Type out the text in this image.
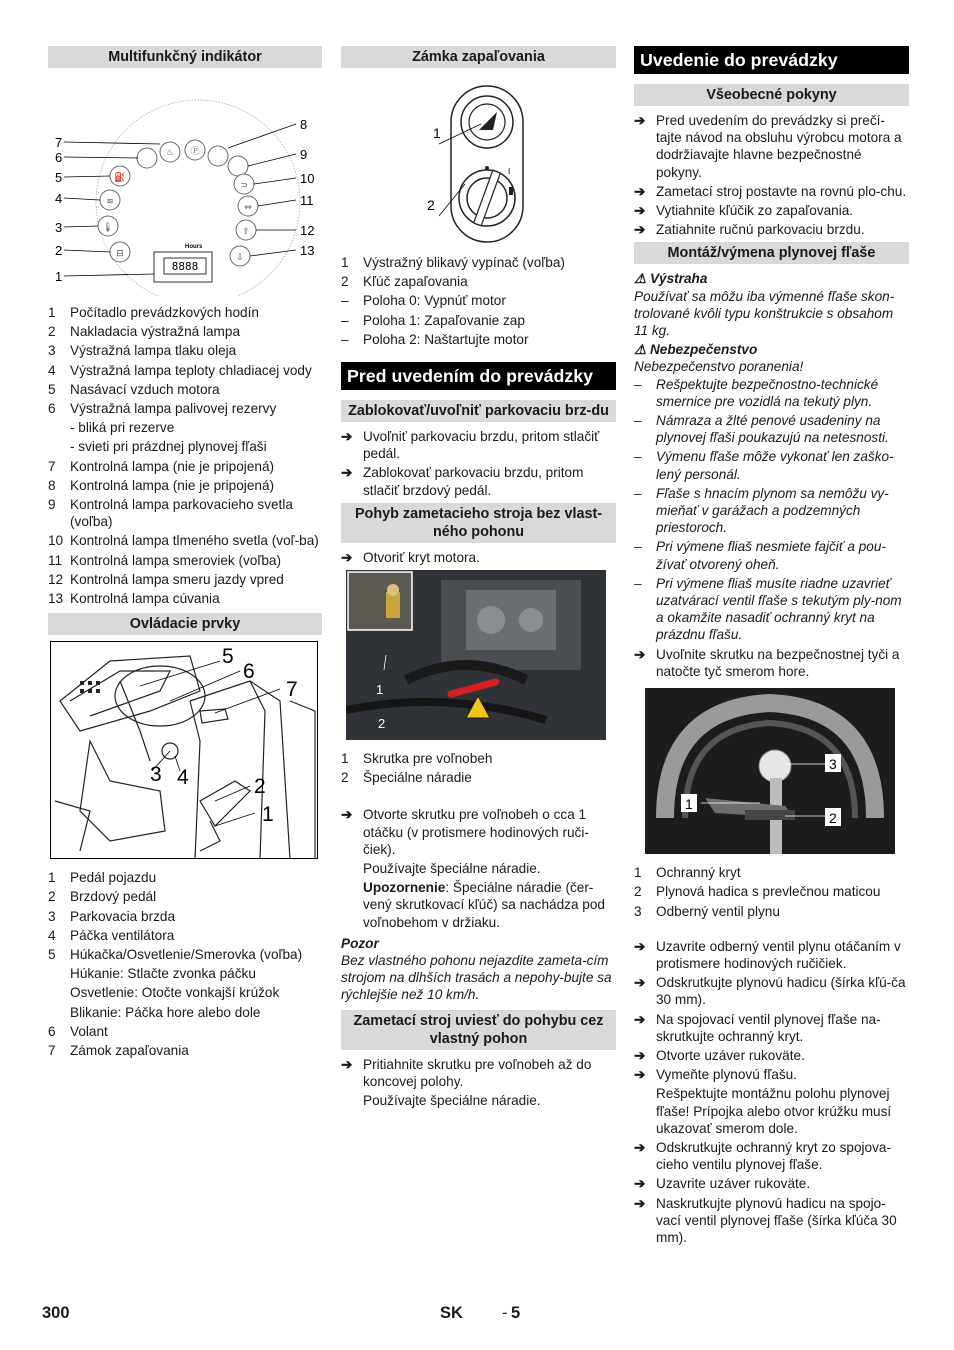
Multifunkčný indikátor
♨ Ⓟ
⛽
≋
🌡
⊟
⊃
⇔
⇧
⇩
Hours
8888
7
6
5
4
3
2
1
8
9
10
11
12
13
1	Počítadlo prevádzkových hodín
2	Nakladacia výstražná lampa
3	Výstražná lampa tlaku oleja
4	Výstražná lampa teploty chladiacej vody
5	Nasávací vzduch motora
6	Výstražná lampa palivovej rezervy
- bliká pri rezerve
- svieti pri prázdnej plynovej fľaši
7	Kontrolná lampa (nie je pripojená)
8	Kontrolná lampa (nie je pripojená)
9	Kontrolná lampa parkovacieho svetla (voľba)
10 Kontrolná lampa tlmeného svetla (voľ-ba)
11 Kontrolná lampa smeroviek (voľba)
12 Kontrolná lampa smeru jazdy vpred
13 Kontrolná lampa cúvania
Ovládacie prvky
5
6
7
3 4	2
1
1	Pedál pojazdu
2	Brzdový pedál
3	Parkovacia brzda
4	Páčka ventilátora
5	Húkačka/Osvetlenie/Smerovka (voľba)
Húkanie: Stlačte zvonka páčku
Osvetlenie: Otočte vonkajší krúžok
Blikanie: Páčka hore alebo dole
6	Volant
7	Zámok zapaľovania
Zámka zapaľovania
I
1
2
1	Výstražný blikavý vypínač (voľba)
2	Kľúč zapaľovania
–	Poloha 0: Vypnúť motor
–	Poloha 1: Zapaľovanie zap
–	Poloha 2: Naštartujte motor
Pred uvedením do prevádzky
Zablokovať/uvoľniť parkovaciu brz-du
➔ Uvoľniť parkovaciu brzdu, pritom stlačiť pedál.
➔ Zablokovať parkovaciu brzdu, pritom stlačiť brzdový pedál.
Pohyb zametacieho stroja bez vlast-ného pohonu
➔ Otvoriť kryt motora.
1
2
1	Skrutka pre voľnobeh
2	Špeciálne náradie
➔ Otvorte skrutku pre voľnobeh o cca 1 otáčku (v protismere hodinových ruči-čiek).
Používajte špeciálne náradie.
Upozornenie: Špeciálne náradie (čer-vený skrutkovací kľúč) sa nachádza pod voľnobehom v držiaku.
Pozor
Bez vlastného pohonu nejazdite zameta-cím strojom na dlhších trasách a nepohy-bujte sa rýchlejšie než 10 km/h.
Zametací stroj uviesť do pohybu cez vlastný pohon
➔ Pritiahnite skrutku pre voľnobeh až do koncovej polohy.
Používajte špeciálne náradie.
Uvedenie do prevádzky
Všeobecné pokyny
➔ Pred uvedením do prevádzky si prečí-tajte návod na obsluhu výrobcu motora a dodržiavajte hlavne bezpečnostné pokyny.
➔ Zametací stroj postavte na rovnú plo-chu.
➔ Vytiahnite kľúčik zo zapaľovania.
➔ Zatiahnite ručnú parkovaciu brzdu.
Montáž/výmena plynovej fľaše
⚠ Výstraha
Používať sa môžu iba výmenné fľaše skon-trolované kvôli typu konštrukcie s obsahom 11 kg.
⚠ Nebezpečenstvo
Nebezpečenstvo poranenia!
–	Rešpektujte bezpečnostno-technické smernice pre vozidlá na tekutý plyn.
–	Námraza a žlté penové usadeniny na plynovej fľaši poukazujú na netesnosti.
–	Výmenu fľaše môže vykonať len zaško-lený personál.
–	Fľaše s hnacím plynom sa nemôžu vy-mieňať v garážach a podzemných priestoroch.
–	Pri výmene fliaš nesmiete fajčiť a pou-žívať otvorený oheň.
–	Pri výmene fliaš musíte riadne uzavrieť uzatvárací ventil fľaše s tekutým ply-nom a okamžite nasadiť ochranný kryt na prázdnu fľašu.
➔ Uvoľnite skrutku na bezpečnostnej tyči a natočte tyč smerom hore.
3
1
2
1	Ochranný kryt
2	Plynová hadica s prevlečnou maticou
3	Odberný ventil plynu
➔ Uzavrite odberný ventil plynu otáčaním v protismere hodinových ručičiek.
➔ Odskrutkujte plynovú hadicu (šírka kľú-ča 30 mm).
➔ Na spojovací ventil plynovej fľaše na-skrutkujte ochranný kryt.
➔ Otvorte uzáver rukoväte.
➔ Vymeňte plynovú fľašu.
Rešpektujte montážnu polohu plynovej fľaše! Prípojka alebo otvor krúžku musí ukazovať smerom dole.
➔ Odskrutkujte ochranný kryt zo spojova-cieho ventilu plynovej fľaše.
➔ Uzavrite uzáver rukoväte.
➔ Naskrutkujte plynovú hadicu na spojo-vací ventil plynovej fľaše (šírka kľúča 30 mm).
300	SK - 5
